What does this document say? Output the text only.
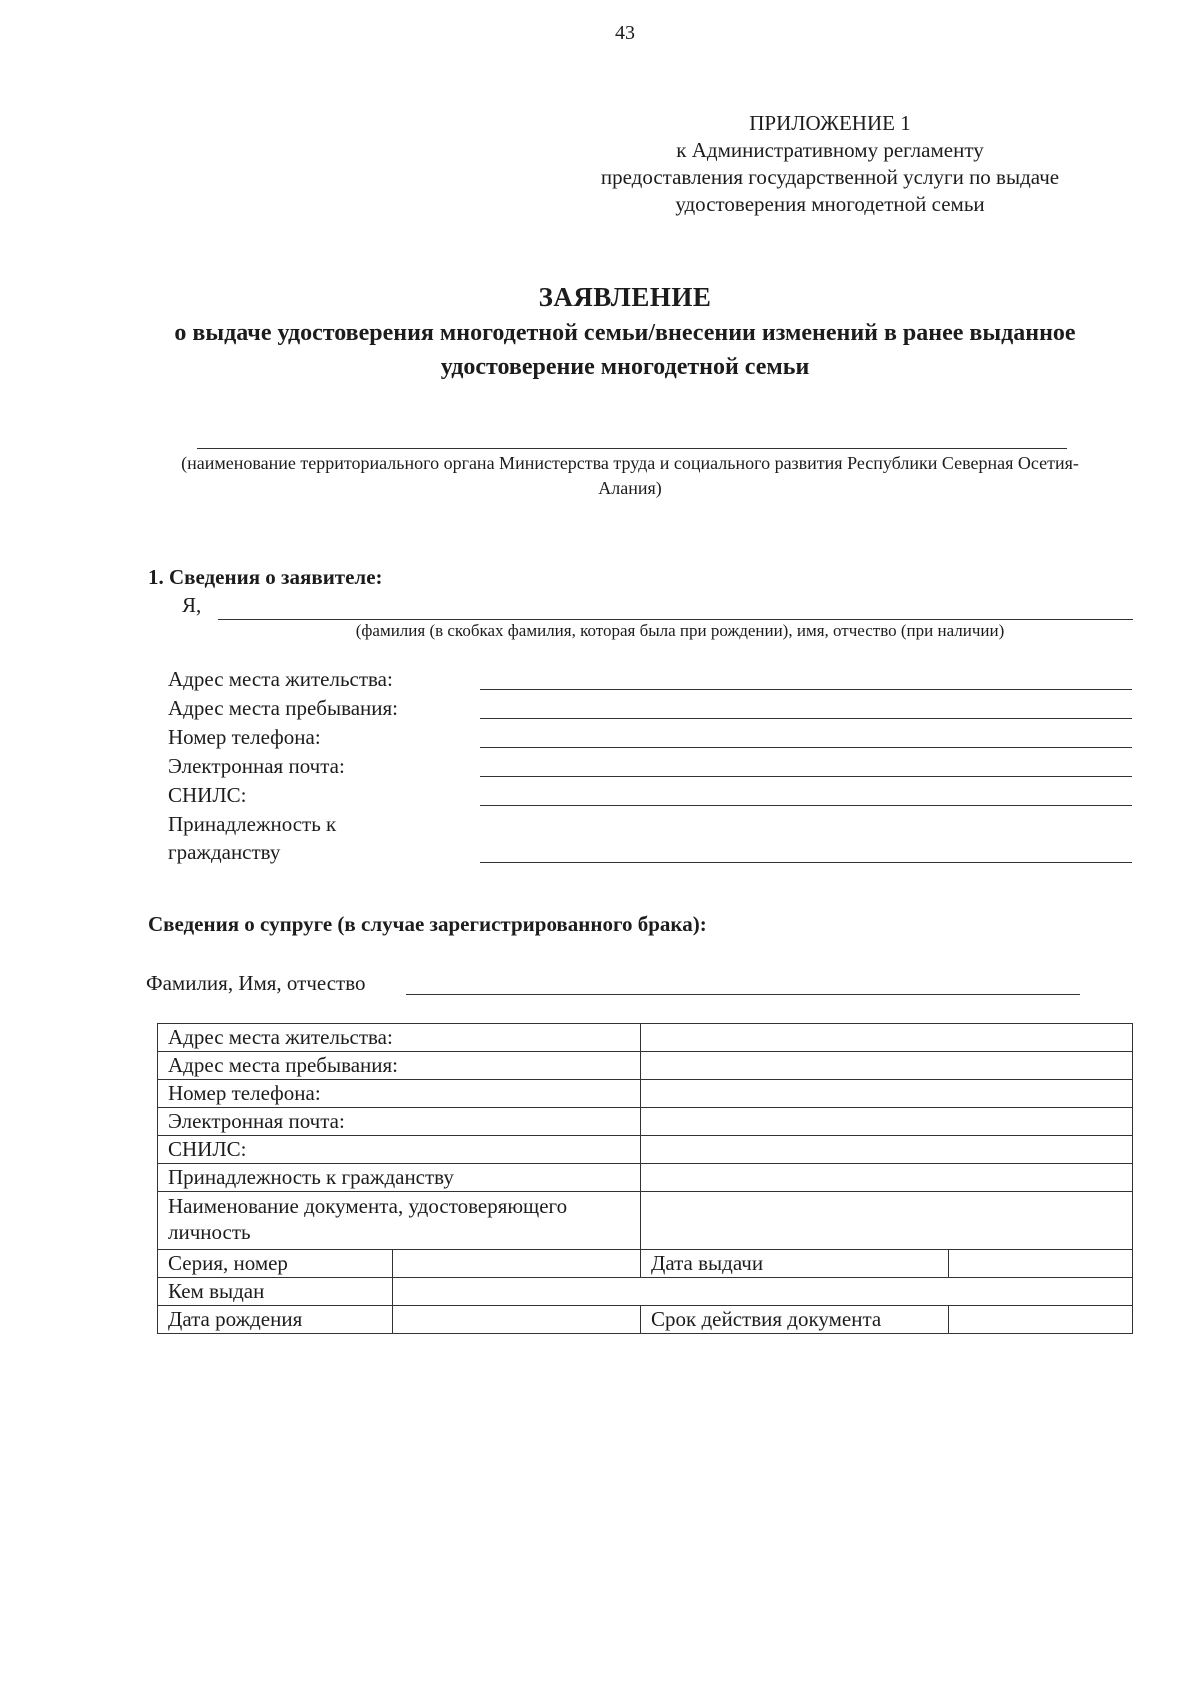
43
ПРИЛОЖЕНИЕ 1
к Административному регламенту
предоставления государственной услуги по выдаче
удостоверения многодетной семьи
ЗАЯВЛЕНИЕ
о выдаче удостоверения многодетной семьи/внесении изменений в ранее выданное удостоверение многодетной семьи
(наименование территориального органа Министерства труда и социального развития Республики Северная Осетия-Алания)
1. Сведения о заявителе:
Я,
(фамилия (в скобках фамилия, которая была при рождении), имя, отчество (при наличии)
Адрес места жительства:
Адрес места пребывания:
Номер телефона:
Электронная почта:
СНИЛС:
Принадлежность к гражданству
Сведения о супруге (в случае зарегистрированного брака):
Фамилия, Имя, отчество
Адрес места жительства:			
Адрес места пребывания:			
Номер телефона:			
Электронная почта:			
СНИЛС:			
Принадлежность к гражданству			
Наименование документа, удостоверяющего личность			
Серия, номер		Дата выдачи	
Кем выдан			
Дата рождения		Срок действия документа	
